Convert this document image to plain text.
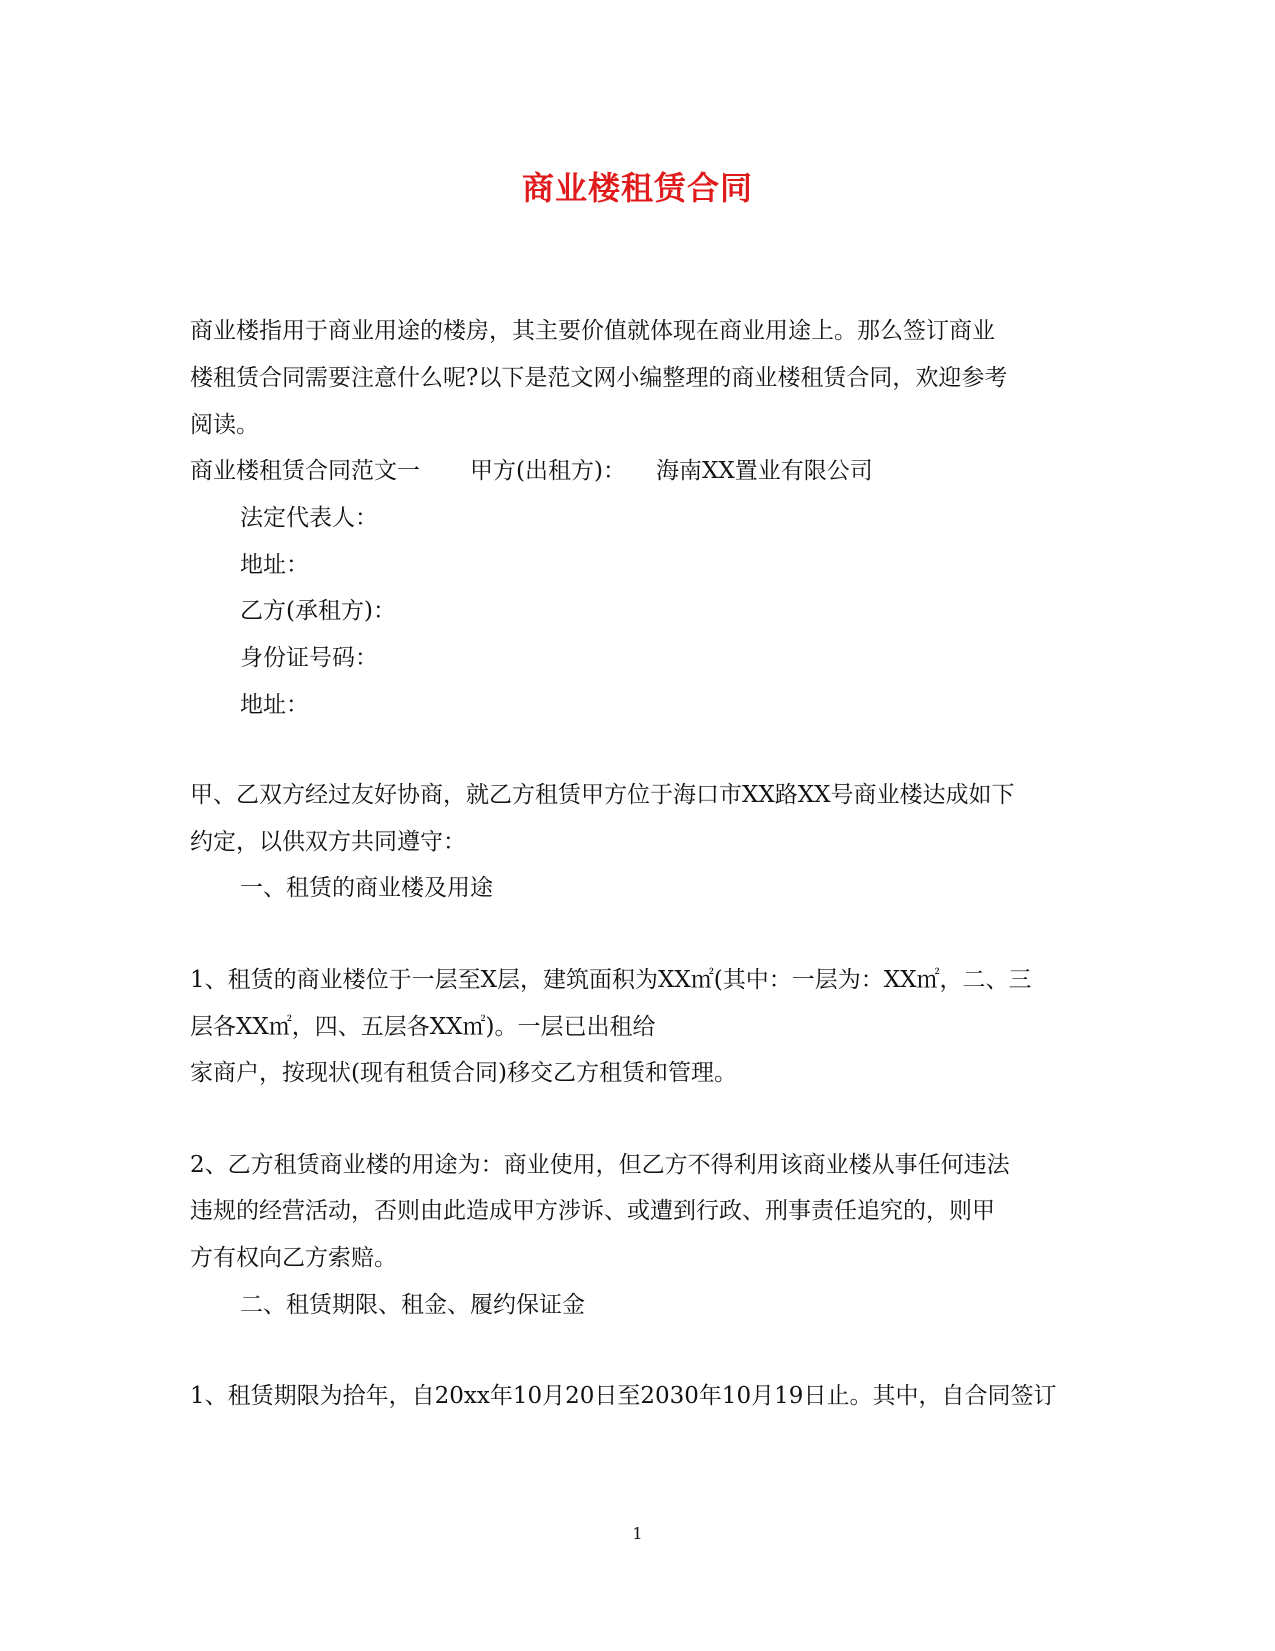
商业楼租赁合同
商业楼指用于商业用途的楼房，其主要价值就体现在商业用途上。那么签订商业
楼租赁合同需要注意什么呢?以下是范文网小编整理的商业楼租赁合同，欢迎参考
阅读。
商业楼租赁合同范文一 甲方(出租方)： 海南XX置业有限公司
法定代表人：
地址：
乙方(承租方)：
身份证号码：
地址：
甲、乙双方经过友好协商，就乙方租赁甲方位于海口市XX路XX号商业楼达成如下
约定，以供双方共同遵守：
一、租赁的商业楼及用途
1、租赁的商业楼位于一层至X层，建筑面积为XX㎡(其中：一层为：XX㎡，二、三
层各XX㎡，四、五层各XX㎡)。一层已出租给
家商户，按现状(现有租赁合同)移交乙方租赁和管理。
2、乙方租赁商业楼的用途为：商业使用，但乙方不得利用该商业楼从事任何违法
违规的经营活动，否则由此造成甲方涉诉、或遭到行政、刑事责任追究的，则甲
方有权向乙方索赔。
二、租赁期限、租金、履约保证金
1、租赁期限为拾年，自20xx年10月20日至2030年10月19日止。其中，自合同签订
1
